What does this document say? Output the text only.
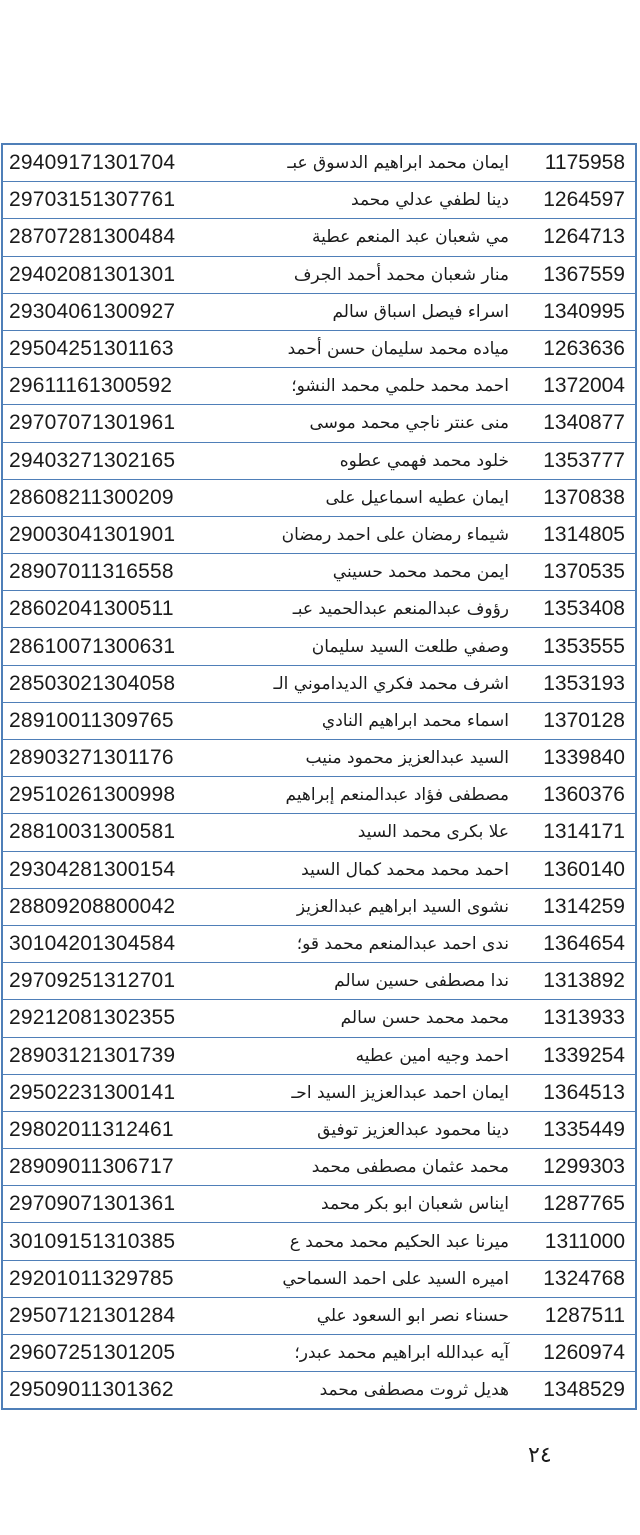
29409171301704	ايمان محمد ابراهيم الدسوق عبـ	1175958
29703151307761	دينا لطفي عدلي محمد	1264597
28707281300484	مي شعبان عبد المنعم عطية	1264713
29402081301301	منار شعبان محمد أحمد الجرف	1367559
29304061300927	اسراء فيصل اسباق سالم	1340995
29504251301163	مياده محمد سليمان حسن أحمد	1263636
29611161300592	احمد محمد حلمي محمد النشو؛	1372004
29707071301961	منى عنتر ناجي محمد موسى	1340877
29403271302165	خلود محمد فهمي عطوه	1353777
28608211300209	ايمان عطيه اسماعيل على	1370838
29003041301901	شيماء رمضان على احمد رمضان	1314805
28907011316558	ايمن محمد محمد حسيني	1370535
28602041300511	رؤوف عبدالمنعم عبدالحميد عبـ	1353408
28610071300631	وصفي طلعت السيد سليمان	1353555
28503021304058	اشرف محمد فكري الديداموني الـ	1353193
28910011309765	اسماء محمد ابراهيم النادي	1370128
28903271301176	السيد عبدالعزيز محمود منيب	1339840
29510261300998	مصطفى فؤاد عبدالمنعم إبراهيم	1360376
28810031300581	علا بكرى محمد السيد	1314171
29304281300154	احمد محمد محمد كمال السيد	1360140
28809208800042	نشوى السيد ابراهيم عبدالعزيز	1314259
30104201304584	ندى احمد عبدالمنعم محمد قو؛	1364654
29709251312701	ندا مصطفى حسين سالم	1313892
29212081302355	محمد محمد حسن سالم	1313933
28903121301739	احمد وجيه امين عطيه	1339254
29502231300141	ايمان احمد عبدالعزيز السيد احـ	1364513
29802011312461	دينا محمود عبدالعزيز توفيق	1335449
28909011306717	محمد عثمان مصطفى محمد	1299303
29709071301361	ايناس شعبان ابو بكر محمد	1287765
30109151310385	ميرنا عبد الحكيم محمد محمد ع	1311000
29201011329785	اميره السيد على احمد السماحي	1324768
29507121301284	حسناء نصر ابو السعود علي	1287511
29607251301205	آيه عبدالله ابراهيم محمد عبدر؛	1260974
29509011301362	هديل ثروت مصطفى محمد	1348529
٢٤
